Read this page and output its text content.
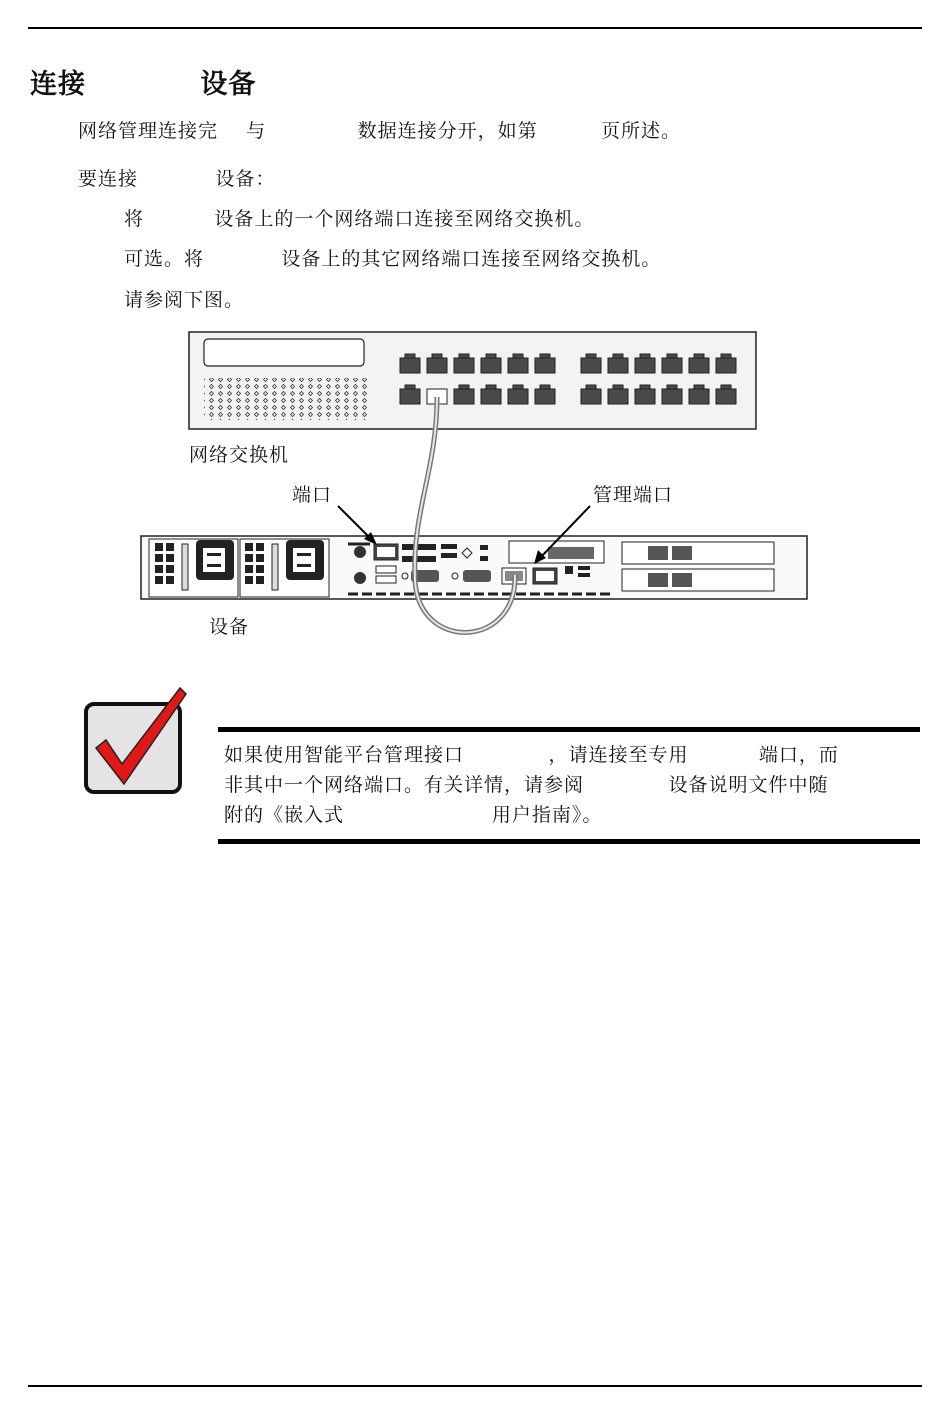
连接           设备
网络管理连接完    与             数据连接分开，如第         页所述。
要连接           设备：
将          设备上的一个网络端口连接至网络交换机。
可选。将           设备上的其它网络端口连接至网络交换机。
请参阅下图。
网络交换机
端口	管理端口
设备
如果使用智能平台管理接口            ，请连接至专用          端口，而
非其中一个网络端口。有关详情，请参阅            设备说明文件中随
附的《嵌入式                     用户指南》。
